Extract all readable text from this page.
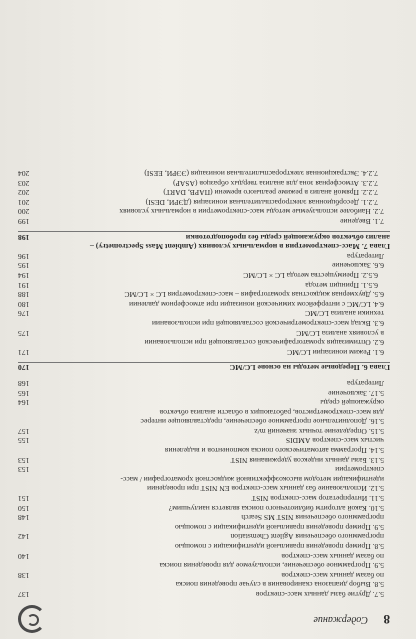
8
Содержание
5.7. Другие базы данных масс-спектров
137
5.8. Выбор диапазона сканирования в случае проведения поиска
по базам данных масс-спектров
138
5.9. Программное обеспечение, используемое для проведения поиска
по базам данных масс-спектров
140
5.8. Пример проведения правильной идентификации с помощью
программного обеспечения Agilent Chemstation
142
5.9. Пример проведения правильной идентификации с помощью
программного обеспечения NIST MS Search
148
5.10. Какой алгоритм библиотечного поиска является наилучшим?
150
5.11. Интерпретатор масс-спектров NIST
151
5.12. Использование баз данных масс-спектров EN NIST при проведении
идентификации методом высокоэффективной жидкостной хроматографии / масс-
спектрометрии
153
5.13. Базы данных индексов удерживания NIST
153
5.14. Программа автоматического поиска компонентов и выделения
чистых масс-спектров AMDIS
155
5.15. Определение точных значений m/z
157
5.16. Дополнительное программное обеспечение, представляющее интерес
для масс-спектрометристов, работающих в области анализа объектов
окружающей среды
164
5.17. Заключение
165
Литература
168
Глава 6. Передовые методы на основе LC/MC
170
6.1. Режим ионизации LC/MC
171
6.2. Оптимизация хроматографической составляющей при использовании
в условиях анализа LC/MC
175
6.3. Вклад масс-спектрометрической составляющей при использовании
техники анализа LC/MC
176
6.4. LC/MC с интерфейсом химической ионизации при атмосферном давлении
180
6.5. Двухмерная жидкостная хроматография – масс-спектрометрия LC × LC/MC
188
6.5.1. Принцип метода
191
6.5.2. Преимущества метода LC × LC/MC
194
6.6. Заключение
195
Литература
196
Глава 7. Масс-спектрометрия в нормальных условиях (Ambient Mass Spectrometry) –
анализ объектов окружающей среды без пробоподготовки
198
7.1. Введение
199
7.2. Наиболее используемые методы масс-спектрометрии в нормальных условиях
200
7.2.1. Десорбционная электрораспылительная ионизация (ДЭРИ, DESI)
201
7.2.2. Прямой анализ в режиме реального времени (ПАРВ, DART)
202
7.2.3. Атмосферная зона для анализа твердых образцов (ASAP)
203
7.2.4. Экстракционная электрораспылительная ионизация (ЭЭРИ, EESI)
204
